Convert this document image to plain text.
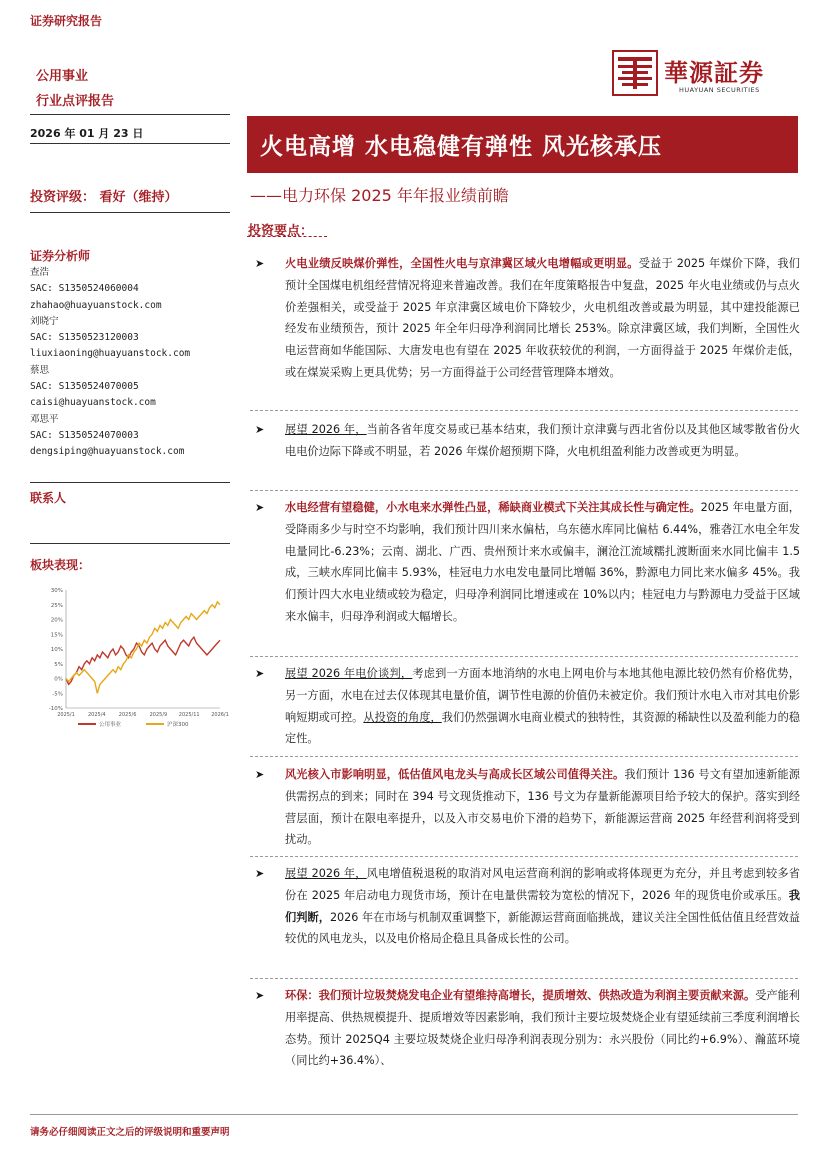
证券研究报告
公用事业
行业点评报告
華源証券
HUAYUAN SECURITIES
2026 年 01 月 23 日	火电高增 水电稳健有弹性 风光核承压
投资评级： 看好（维持）	——电力环保 2025 年年报业绩前瞻
证券分析师
查浩
SAC: S1350524060004
zhahao@huayuanstock.com
刘晓宁
SAC: S1350523120003
liuxiaoning@huayuanstock.com
蔡思
SAC: S1350524070005
caisi@huayuanstock.com
邓思平
SAC: S1350524070003
dengsiping@huayuanstock.com
联系人
板块表现：
30%
25%
20%
15%
10%
5%
0%
-5%
-10%
2025/1	2025/4	2025/6	2025/9 2025/11 2026/1
公用事业	沪深300
投资要点：
➤ 火电业绩反映煤价弹性，全国性火电与京津冀区域火电增幅或更明显。受益于 2025 年煤价下降，我们预计全国煤电机组经营情况将迎来普遍改善。我们在年度策略报告中复盘，2025 年火电业绩或仍与点火价差强相关，或受益于 2025 年京津冀区域电价下降较少，火电机组改善或最为明显，其中建投能源已经发布业绩预告，预计 2025 年全年归母净利润同比增长 253%。除京津冀区域，我们判断，全国性火电运营商如华能国际、大唐发电也有望在 2025 年收获较优的利润，一方面得益于 2025 年煤价走低，或在煤炭采购上更具优势；另一方面得益于公司经营管理降本增效。
➤ 展望 2026 年，当前各省年度交易或已基本结束，我们预计京津冀与西北省份以及其他区域零散省份火电电价边际下降或不明显，若 2026 年煤价超预期下降，火电机组盈利能力改善或更为明显。
➤ 水电经营有望稳健，小水电来水弹性凸显，稀缺商业模式下关注其成长性与确定性。2025 年电量方面，受降雨多少与时空不均影响，我们预计四川来水偏枯，乌东德水库同比偏枯 6.44%，雅砻江水电全年发电量同比-6.23%；云南、湖北、广西、贵州预计来水或偏丰，澜沧江流域糯扎渡断面来水同比偏丰 1.5 成，三峡水库同比偏丰 5.93%，桂冠电力水电发电量同比增幅 36%，黔源电力同比来水偏多 45%。我们预计四大水电业绩或较为稳定，归母净利润同比增速或在 10%以内；桂冠电力与黔源电力受益于区域来水偏丰，归母净利润或大幅增长。
➤ 展望 2026 年电价谈判，考虑到一方面本地消纳的水电上网电价与本地其他电源比较仍然有价格优势，另一方面，水电在过去仅体现其电量价值，调节性电源的价值仍未被定价。我们预计水电入市对其电价影响短期或可控。从投资的角度，我们仍然强调水电商业模式的独特性，其资源的稀缺性以及盈利能力的稳定性。
➤ 风光核入市影响明显，低估值风电龙头与高成长区域公司值得关注。我们预计 136 号文有望加速新能源供需拐点的到来；同时在 394 号文现货推动下，136 号文为存量新能源项目给予较大的保护。落实到经营层面，预计在限电率提升，以及入市交易电价下滑的趋势下，新能源运营商 2025 年经营利润将受到扰动。
➤ 展望 2026 年，风电增值税退税的取消对风电运营商利润的影响或将体现更为充分，并且考虑到较多省份在 2025 年启动电力现货市场，预计在电量供需较为宽松的情况下，2026 年的现货电价或承压。我们判断，2026 年在市场与机制双重调整下，新能源运营商面临挑战，建议关注全国性低估值且经营效益较优的风电龙头，以及电价格局企稳且具备成长性的公司。
➤ 环保：我们预计垃圾焚烧发电企业有望维持高增长，提质增效、供热改造为利润主要贡献来源。受产能利用率提高、供热规模提升、提质增效等因素影响，我们预计主要垃圾焚烧企业有望延续前三季度利润增长态势。预计 2025Q4 主要垃圾焚烧企业归母净利润表现分别为：永兴股份（同比约+6.9%）、瀚蓝环境（同比约+36.4%）、
请务必仔细阅读正文之后的评级说明和重要声明
